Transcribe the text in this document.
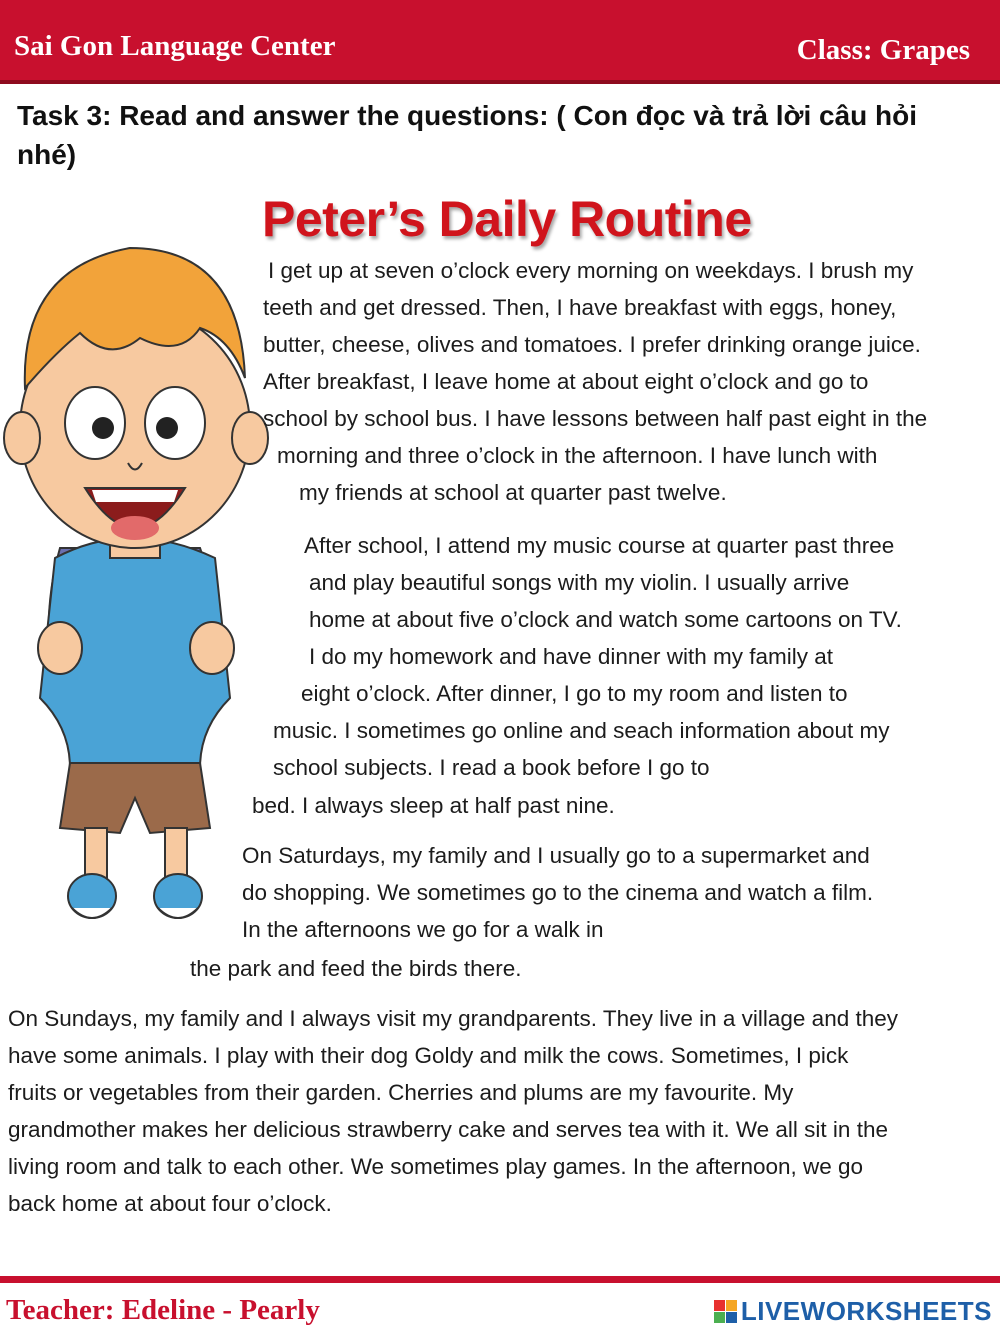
Sai Gon Language Center	Class: Grapes
Task 3: Read and answer the questions: ( Con đọc và trả lời câu hỏi nhé)
Peter’s Daily Routine
I get up at seven o’clock every morning on weekdays. I brush my
teeth and get dressed. Then, I have breakfast with eggs, honey,
butter, cheese, olives and tomatoes. I prefer drinking orange juice.
After breakfast, I leave home at about eight o’clock and go to
school by school bus. I have lessons between half past eight in the
morning and three o’clock in the afternoon. I have lunch with
my friends at school at quarter past twelve.
After school, I attend my music course at quarter past three
and play beautiful songs with my violin. I usually arrive
home at about five o’clock and watch some cartoons on TV.
I do my homework and have dinner with my family at
eight o’clock. After dinner, I go to my room and listen to
music. I sometimes go online and seach information about my
school subjects. I read a book before I go to
bed. I always sleep at half past nine.
On Saturdays, my family and I usually go to a supermarket and
do shopping. We sometimes go to the cinema and watch a film.
In the afternoons we go for a walk in
the park and feed the birds there.
On Sundays, my family and I always visit my grandparents. They live in a village and they
have some animals. I play with their dog Goldy and milk the cows. Sometimes, I pick
fruits or vegetables from their garden. Cherries and plums are my favourite. My
grandmother makes her delicious strawberry cake and serves tea with it. We all sit in the
living room and talk to each other. We sometimes play games. In the afternoon, we go
back home at about four o’clock.
Teacher: Edeline - Pearly	LIVEWORKSHEETS
